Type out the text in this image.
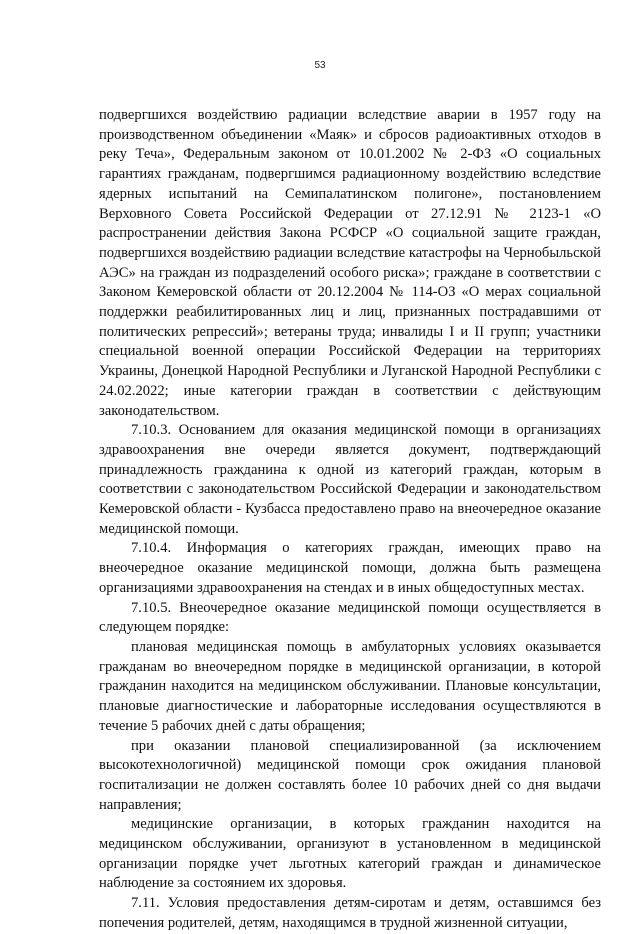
53

подвергшихся воздействию радиации вследствие аварии в 1957 году на производственном объединении «Маяк» и сбросов радиоактивных отходов в реку Теча», Федеральным законом от 10.01.2002 № 2-ФЗ «О социальных гарантиях гражданам, подвергшимся радиационному воздействию вследствие ядерных испытаний на Семипалатинском полигоне», постановлением Верховного Совета Российской Федерации от 27.12.91 № 2123-1 «О распространении действия Закона РСФСР «О социальной защите граждан, подвергшихся воздействию радиации вследствие катастрофы на Чернобыльской АЭС» на граждан из подразделений особого риска»; граждане в соответствии с Законом Кемеровской области от 20.12.2004 № 114-ОЗ «О мерах социальной поддержки реабилитированных лиц и лиц, признанных пострадавшими от политических репрессий»; ветераны труда; инвалиды I и II групп; участники специальной военной операции Российской Федерации на территориях Украины, Донецкой Народной Республики и Луганской Народной Республики с 24.02.2022; иные категории граждан в соответствии с действующим законодательством.

7.10.3. Основанием для оказания медицинской помощи в организациях здравоохранения вне очереди является документ, подтверждающий принадлежность гражданина к одной из категорий граждан, которым в соответствии с законодательством Российской Федерации и законодательством Кемеровской области - Кузбасса предоставлено право на внеочередное оказание медицинской помощи.

7.10.4. Информация о категориях граждан, имеющих право на внеочередное оказание медицинской помощи, должна быть размещена организациями здравоохранения на стендах и в иных общедоступных местах.

7.10.5. Внеочередное оказание медицинской помощи осуществляется в следующем порядке:

плановая медицинская помощь в амбулаторных условиях оказывается гражданам во внеочередном порядке в медицинской организации, в которой гражданин находится на медицинском обслуживании. Плановые консультации, плановые диагностические и лабораторные исследования осуществляются в течение 5 рабочих дней с даты обращения;

при оказании плановой специализированной (за исключением высокотехнологичной) медицинской помощи срок ожидания плановой госпитализации не должен составлять более 10 рабочих дней со дня выдачи направления;

медицинские организации, в которых гражданин находится на медицинском обслуживании, организуют в установленном в медицинской организации порядке учет льготных категорий граждан и динамическое наблюдение за состоянием их здоровья.

7.11. Условия предоставления детям-сиротам и детям, оставшимся без попечения родителей, детям, находящимся в трудной жизненной ситуации,
